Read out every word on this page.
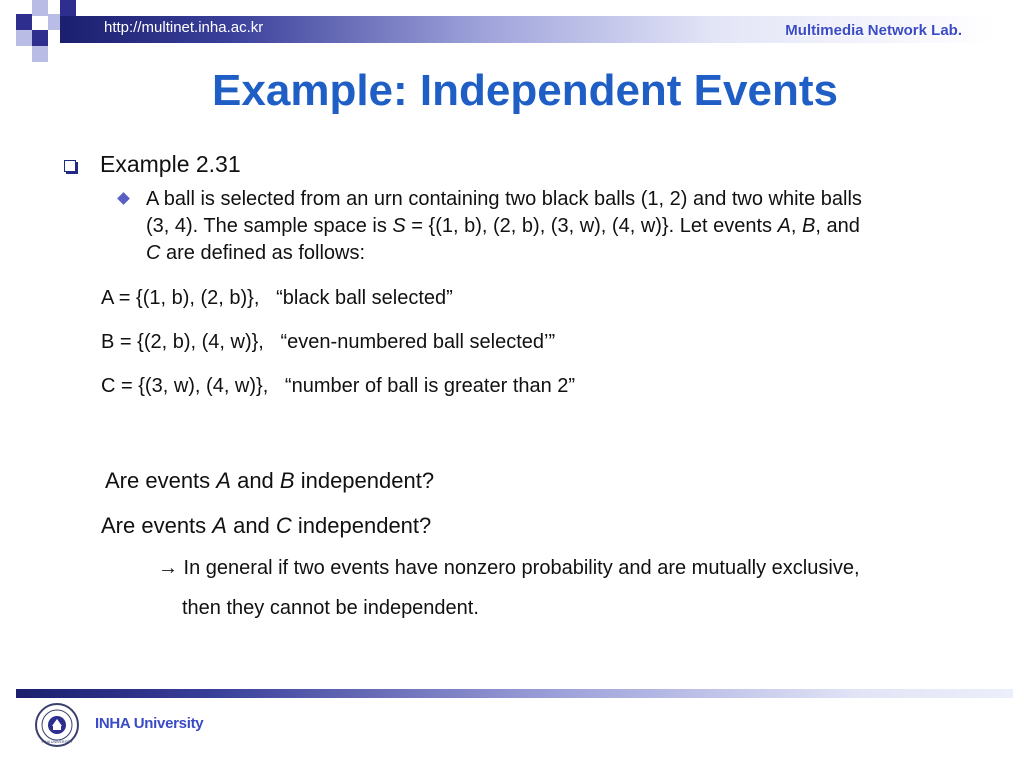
http://multinet.inha.ac.kr	Multimedia Network Lab.
Example: Independent Events
Example 2.31
A ball is selected from an urn containing two black balls (1, 2) and two white balls
(3, 4). The sample space is S = {(1, b), (2, b), (3, w), (4, w)}. Let events A, B, and
C are defined as follows:
A = {(1, b), (2, b)},   “black ball selected”
B = {(2, b), (4, w)},   “even-numbered ball selected’”
C = {(3, w), (4, w)},   “number of ball is greater than 2”
Are events A and B independent?
Are events A and C independent?
→ In general if two events have nonzero probability and are mutually exclusive,
then they cannot be independent.
INHA UNIVERSITY
INHA University
